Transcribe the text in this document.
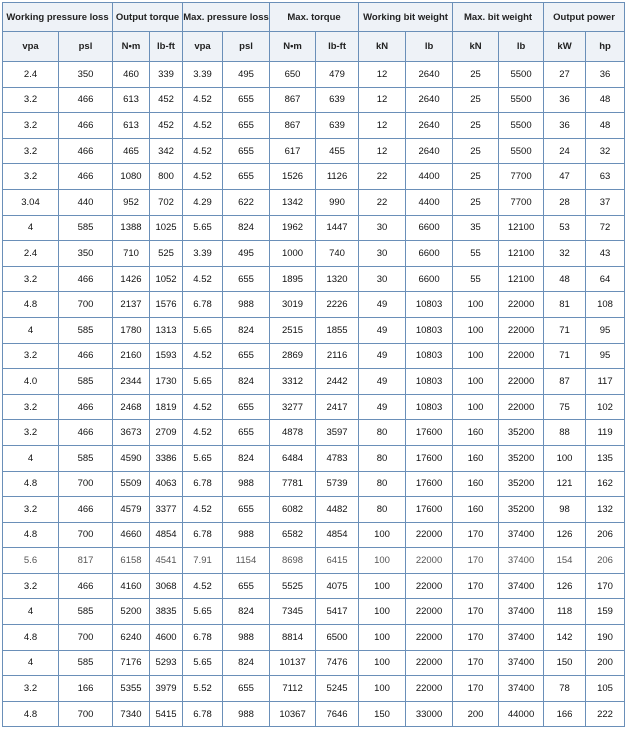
Working pressure loss		Output torque		Max. pressure loss		Max. torque		Working bit weight		Max. bit weight		Output power	
vpa	psl	N•m	lb-ft	vpa	psl	N•m	lb-ft	kN	lb	kN	lb	kW	hp
2.4	350	460	339	3.39	495	650	479	12	2640	25	5500	27	36
3.2	466	613	452	4.52	655	867	639	12	2640	25	5500	36	48
3.2	466	613	452	4.52	655	867	639	12	2640	25	5500	36	48
3.2	466	465	342	4.52	655	617	455	12	2640	25	5500	24	32
3.2	466	1080	800	4.52	655	1526	1126	22	4400	25	7700	47	63
3.04	440	952	702	4.29	622	1342	990	22	4400	25	7700	28	37
4	585	1388	1025	5.65	824	1962	1447	30	6600	35	12100	53	72
2.4	350	710	525	3.39	495	1000	740	30	6600	55	12100	32	43
3.2	466	1426	1052	4.52	655	1895	1320	30	6600	55	12100	48	64
4.8	700	2137	1576	6.78	988	3019	2226	49	10803	100	22000	81	108
4	585	1780	1313	5.65	824	2515	1855	49	10803	100	22000	71	95
3.2	466	2160	1593	4.52	655	2869	2116	49	10803	100	22000	71	95
4.0	585	2344	1730	5.65	824	3312	2442	49	10803	100	22000	87	117
3.2	466	2468	1819	4.52	655	3277	2417	49	10803	100	22000	75	102
3.2	466	3673	2709	4.52	655	4878	3597	80	17600	160	35200	88	119
4	585	4590	3386	5.65	824	6484	4783	80	17600	160	35200	100	135
4.8	700	5509	4063	6.78	988	7781	5739	80	17600	160	35200	121	162
3.2	466	4579	3377	4.52	655	6082	4482	80	17600	160	35200	98	132
4.8	700	4660	4854	6.78	988	6582	4854	100	22000	170	37400	126	206
5.6	817	6158	4541	7.91	1154	8698	6415	100	22000	170	37400	154	206
3.2	466	4160	3068	4.52	655	5525	4075	100	22000	170	37400	126	170
4	585	5200	3835	5.65	824	7345	5417	100	22000	170	37400	118	159
4.8	700	6240	4600	6.78	988	8814	6500	100	22000	170	37400	142	190
4	585	7176	5293	5.65	824	10137	7476	100	22000	170	37400	150	200
3.2	166	5355	3979	5.52	655	7112	5245	100	22000	170	37400	78	105
4.8	700	7340	5415	6.78	988	10367	7646	150	33000	200	44000	166	222
